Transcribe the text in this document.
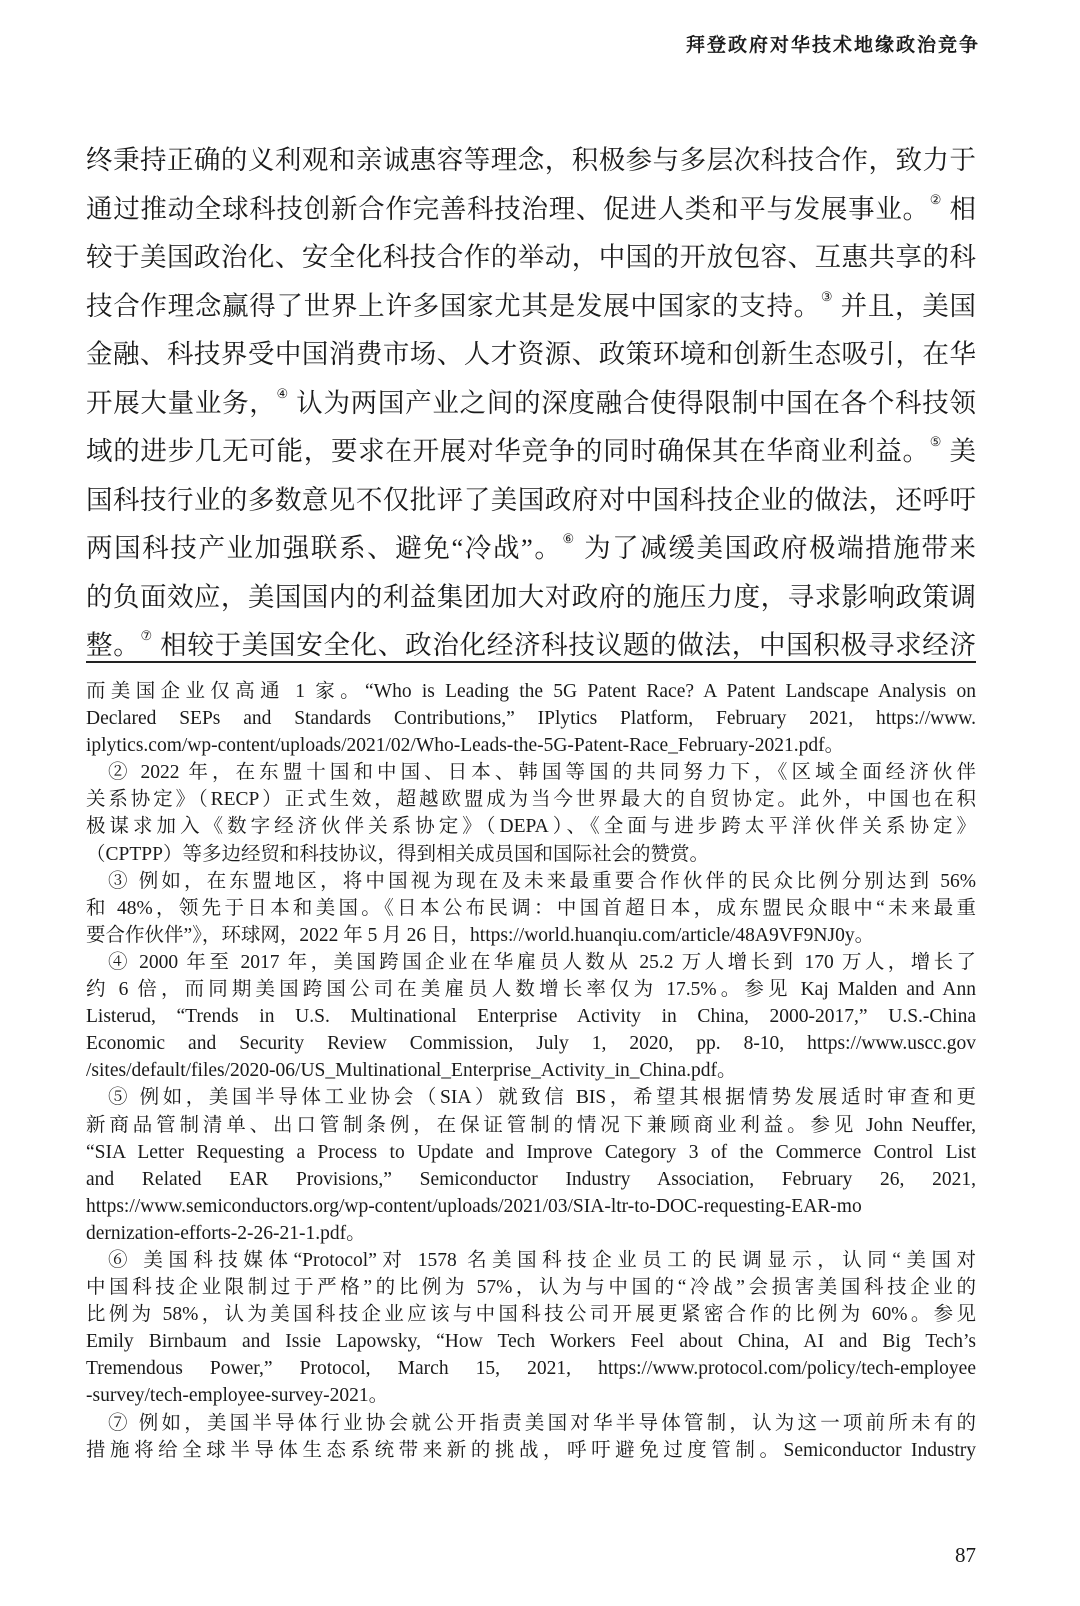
拜登政府对华技术地缘政治竞争
终秉持正确的义利观和亲诚惠容等理念，积极参与多层次科技合作，致力于
通过推动全球科技创新合作完善科技治理、促进人类和平与发展事业。② 相
较于美国政治化、安全化科技合作的举动，中国的开放包容、互惠共享的科
技合作理念赢得了世界上许多国家尤其是发展中国家的支持。③ 并且，美国
金融、科技界受中国消费市场、人才资源、政策环境和创新生态吸引，在华
开展大量业务，④ 认为两国产业之间的深度融合使得限制中国在各个科技领
域的进步几无可能，要求在开展对华竞争的同时确保其在华商业利益。⑤ 美
国科技行业的多数意见不仅批评了美国政府对中国科技企业的做法，还呼吁
两国科技产业加强联系、避免“冷战”。⑥ 为了减缓美国政府极端措施带来
的负面效应，美国国内的利益集团加大对政府的施压力度，寻求影响政策调
整。⑦ 相较于美国安全化、政治化经济科技议题的做法，中国积极寻求经济
而美国企业仅高通 1 家。“Who is Leading the 5G Patent Race? A Patent Landscape Analysis on
Declared SEPs and Standards Contributions,” IPlytics Platform, February 2021, https://www.
iplytics.com/wp-content/uploads/2021/02/Who-Leads-the-5G-Patent-Race_February-2021.pdf。
② 2022 年，在东盟十国和中国、日本、韩国等国的共同努力下，《区域全面经济伙伴
关系协定》（RECP）正式生效，超越欧盟成为当今世界最大的自贸协定。此外，中国也在积
极谋求加入《数字经济伙伴关系协定》（DEPA）、《全面与进步跨太平洋伙伴关系协定》
（CPTPP）等多边经贸和科技协议，得到相关成员国和国际社会的赞赏。
③ 例如，在东盟地区，将中国视为现在及未来最重要合作伙伴的民众比例分别达到 56%
和 48%，领先于日本和美国。《日本公布民调：中国首超日本，成东盟民众眼中“未来最重
要合作伙伴”》，环球网，2022 年 5 月 26 日，https://world.huanqiu.com/article/48A9VF9NJ0y。
④ 2000 年至 2017 年，美国跨国企业在华雇员人数从 25.2 万人增长到 170 万人，增长了
约 6 倍，而同期美国跨国公司在美雇员人数增长率仅为 17.5%。参见 Kaj Malden and Ann
Listerud, “Trends in U.S. Multinational Enterprise Activity in China, 2000-2017,” U.S.-China
Economic and Security Review Commission, July 1, 2020, pp. 8-10, https://www.uscc.gov
/sites/default/files/2020-06/US_Multinational_Enterprise_Activity_in_China.pdf。
⑤ 例如，美国半导体工业协会（SIA）就致信 BIS，希望其根据情势发展适时审查和更
新商品管制清单、出口管制条例，在保证管制的情况下兼顾商业利益。参见 John Neuffer,
“SIA Letter Requesting a Process to Update and Improve Category 3 of the Commerce Control List
and Related EAR Provisions,” Semiconductor Industry Association, February 26, 2021,
https://www.semiconductors.org/wp-content/uploads/2021/03/SIA-ltr-to-DOC-requesting-EAR-mo
dernization-efforts-2-26-21-1.pdf。
⑥ 美国科技媒体“Protocol”对 1578 名美国科技企业员工的民调显示，认同“美国对
中国科技企业限制过于严格”的比例为 57%，认为与中国的“冷战”会损害美国科技企业的
比例为 58%，认为美国科技企业应该与中国科技公司开展更紧密合作的比例为 60%。参见
Emily Birnbaum and Issie Lapowsky, “How Tech Workers Feel about China, AI and Big Tech’s
Tremendous Power,” Protocol, March 15, 2021, https://www.protocol.com/policy/tech-employee
-survey/tech-employee-survey-2021。
⑦ 例如，美国半导体行业协会就公开指责美国对华半导体管制，认为这一项前所未有的
措施将给全球半导体生态系统带来新的挑战，呼吁避免过度管制。Semiconductor Industry
87
